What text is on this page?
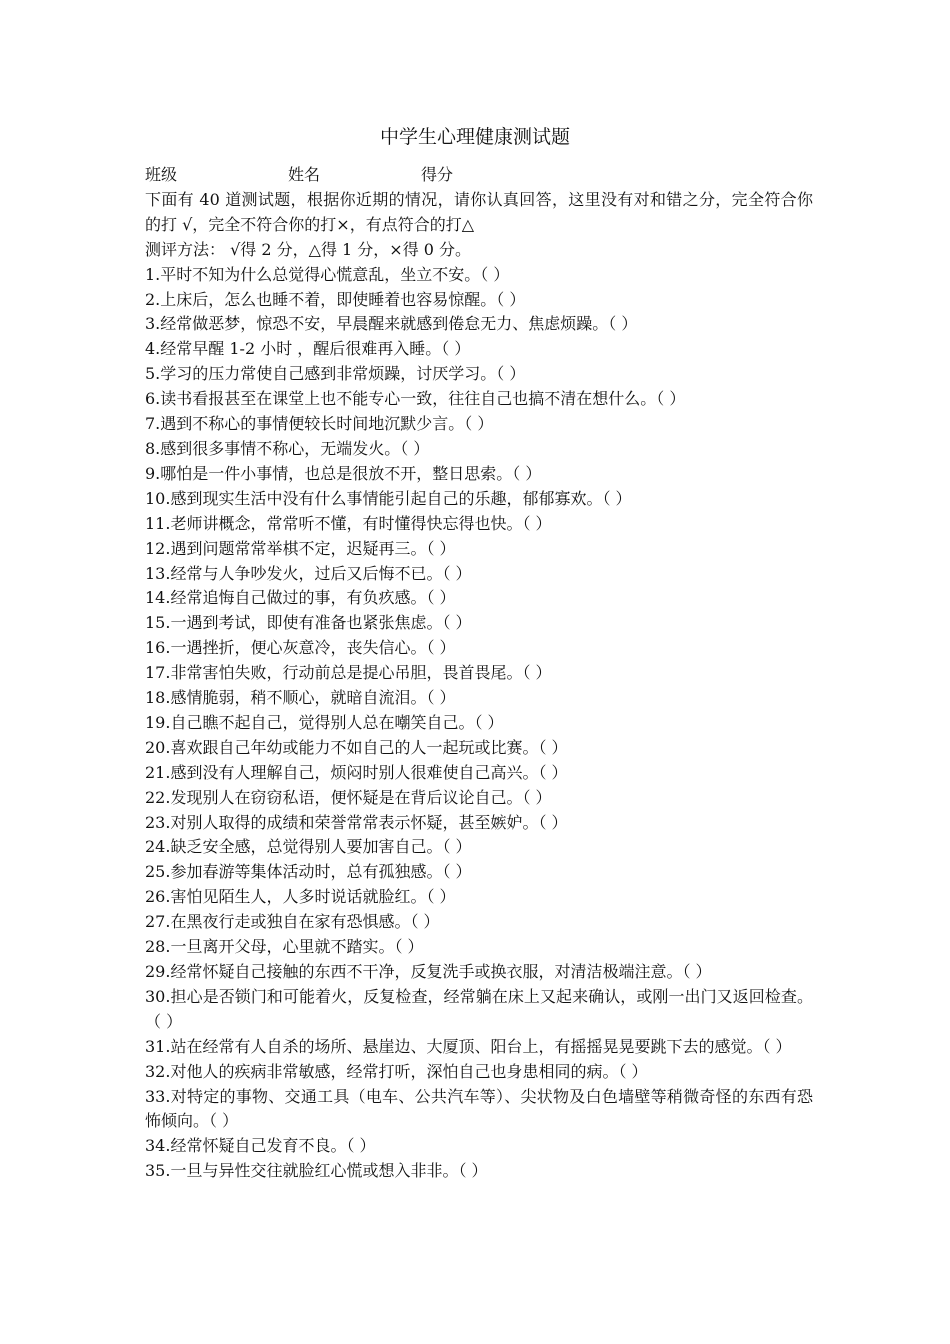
中学生心理健康测试题

班级	姓名	得分

下面有 40 道测试题，根据你近期的情况，请你认真回答，这里没有对和错之分，完全符合你的打 √，完全不符合你的打×，有点符合的打△

测评方法： √得 2 分，△得 1 分，×得 0 分。

1.平时不知为什么总觉得心慌意乱，坐立不安。（ ）

2.上床后，怎么也睡不着，即使睡着也容易惊醒。（ ）

3.经常做恶梦，惊恐不安，早晨醒来就感到倦怠无力、焦虑烦躁。（ ）

4.经常早醒 1-2 小时 ，醒后很难再入睡。（ ）

5.学习的压力常使自己感到非常烦躁，讨厌学习。（ ）

6.读书看报甚至在课堂上也不能专心一致，往往自己也搞不清在想什么。（ ）

7.遇到不称心的事情便较长时间地沉默少言。（ ）

8.感到很多事情不称心，无端发火。（ ）

9.哪怕是一件小事情，也总是很放不开，整日思索。（ ）

10.感到现实生活中没有什么事情能引起自己的乐趣，郁郁寡欢。（ ）

11.老师讲概念，常常听不懂，有时懂得快忘得也快。（ ）

12.遇到问题常常举棋不定，迟疑再三。（ ）

13.经常与人争吵发火，过后又后悔不已。（ ）

14.经常追悔自己做过的事，有负疚感。（ ）

15.一遇到考试，即使有准备也紧张焦虑。（ ）

16.一遇挫折，便心灰意冷，丧失信心。（ ）

17.非常害怕失败，行动前总是提心吊胆，畏首畏尾。（ ）

18.感情脆弱，稍不顺心，就暗自流泪。（ ）

19.自己瞧不起自己，觉得别人总在嘲笑自己。（ ）

20.喜欢跟自己年幼或能力不如自己的人一起玩或比赛。（ ）

21.感到没有人理解自己，烦闷时别人很难使自己高兴。（ ）

22.发现别人在窃窃私语，便怀疑是在背后议论自己。（ ）

23.对别人取得的成绩和荣誉常常表示怀疑，甚至嫉妒。（ ）

24.缺乏安全感，总觉得别人要加害自己。（ ）

25.参加春游等集体活动时，总有孤独感。（ ）

26.害怕见陌生人，人多时说话就脸红。（ ）

27.在黑夜行走或独自在家有恐惧感。（ ）

28.一旦离开父母，心里就不踏实。（ ）

29.经常怀疑自己接触的东西不干净，反复洗手或换衣服，对清洁极端注意。（ ）

30.担心是否锁门和可能着火，反复检查，经常躺在床上又起来确认，或刚一出门又返回检查。（ ）

31.站在经常有人自杀的场所、悬崖边、大厦顶、阳台上，有摇摇晃晃要跳下去的感觉。（ ）

32.对他人的疾病非常敏感，经常打听，深怕自己也身患相同的病。（ ）

33.对特定的事物、交通工具（电车、公共汽车等）、尖状物及白色墙壁等稍微奇怪的东西有恐怖倾向。（ ）

34.经常怀疑自己发育不良。（ ）

35.一旦与异性交往就脸红心慌或想入非非。（ ）
